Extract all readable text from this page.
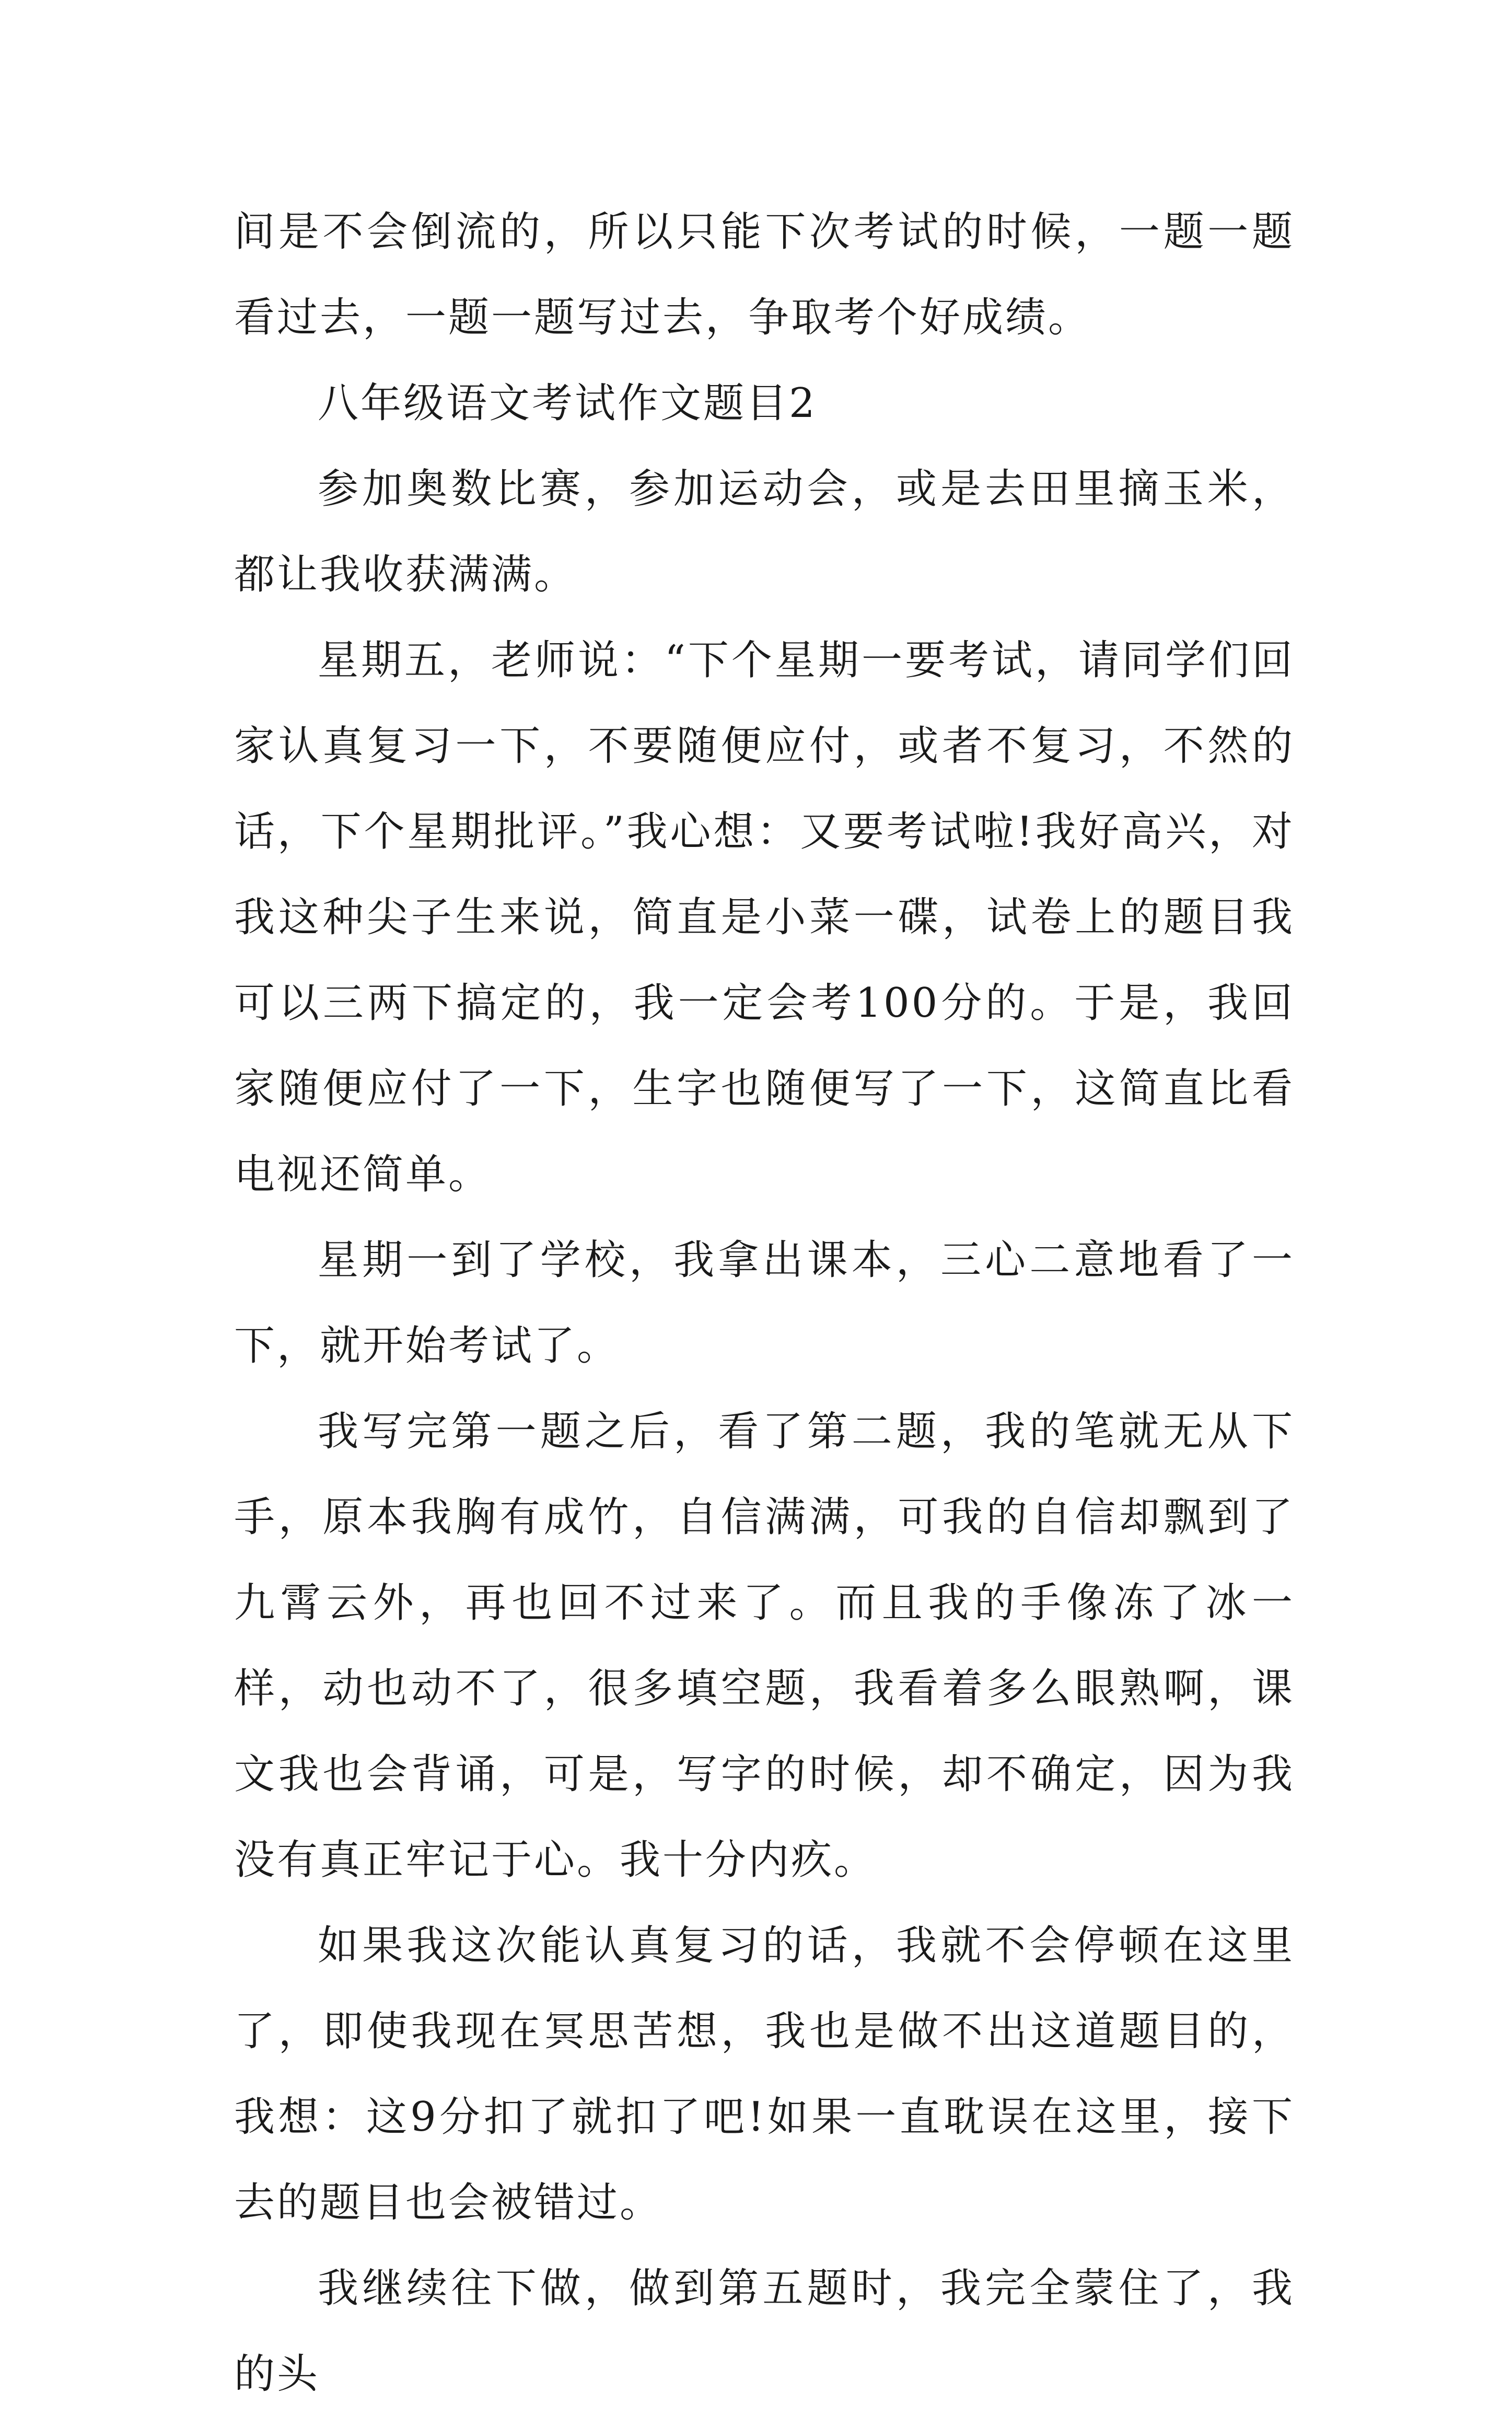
间是不会倒流的，所以只能下次考试的时候，一题一题看过去，一题一题写过去，争取考个好成绩。

八年级语文考试作文题目2

参加奥数比赛，参加运动会，或是去田里摘玉米，都让我收获满满。

星期五，老师说：“下个星期一要考试，请同学们回家认真复习一下，不要随便应付，或者不复习，不然的话，下个星期批评。”我心想：又要考试啦!我好高兴，对我这种尖子生来说，简直是小菜一碟，试卷上的题目我可以三两下搞定的，我一定会考100分的。于是，我回家随便应付了一下，生字也随便写了一下，这简直比看电视还简单。

星期一到了学校，我拿出课本，三心二意地看了一下，就开始考试了。

我写完第一题之后，看了第二题，我的笔就无从下手，原本我胸有成竹，自信满满，可我的自信却飘到了九霄云外，再也回不过来了。而且我的手像冻了冰一样，动也动不了，很多填空题，我看着多么眼熟啊，课文我也会背诵，可是，写字的时候，却不确定，因为我没有真正牢记于心。我十分内疚。

如果我这次能认真复习的话，我就不会停顿在这里了，即使我现在冥思苦想，我也是做不出这道题目的，我想：这9分扣了就扣了吧!如果一直耽误在这里，接下去的题目也会被错过。

我继续往下做，做到第五题时，我完全蒙住了，我的头
